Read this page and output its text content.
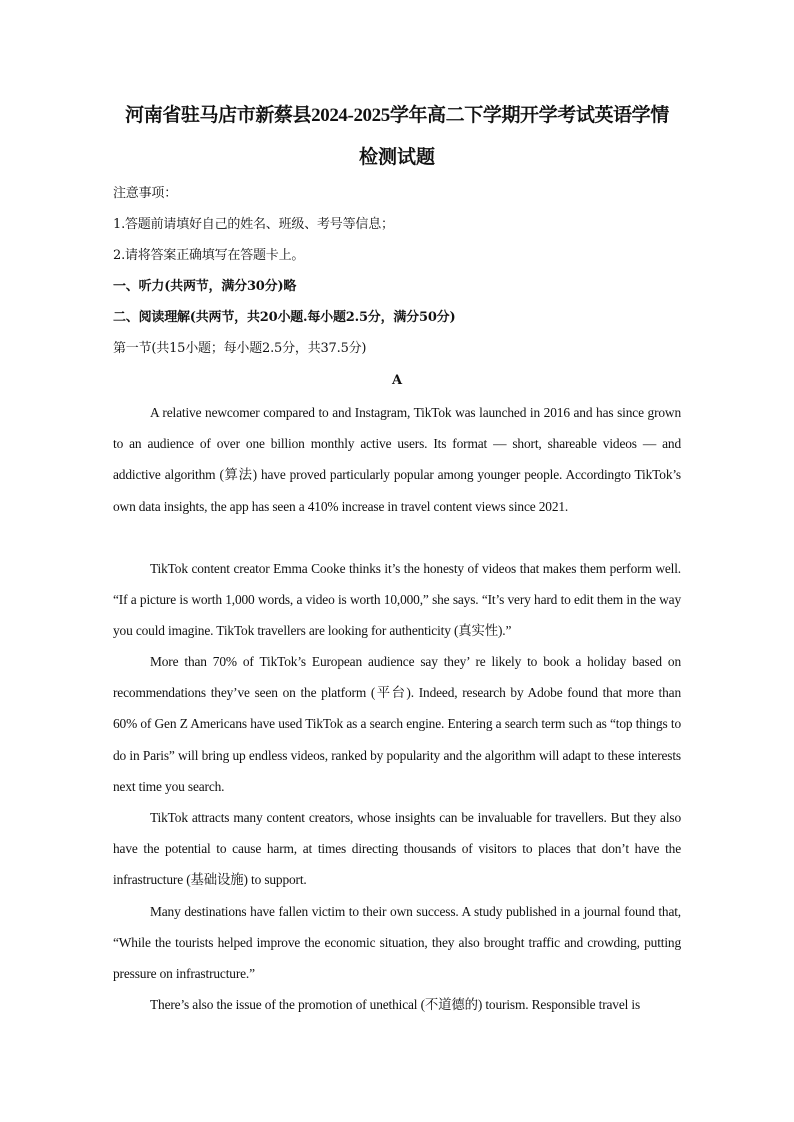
河南省驻马店市新蔡县2024-2025学年高二下学期开学考试英语学情
检测试题
注意事项：
1.答题前请填好自己的姓名、班级、考号等信息；
2.请将答案正确填写在答题卡上。
一、听力(共两节，满分30分)略
二、阅读理解(共两节，共20小题.每小题2.5分，满分50分)
第一节(共15小题；每小题2.5分，共37.5分)
A

A relative newcomer compared to and Instagram, TikTok was launched in 2016 and has since grown to an audience of over one billion monthly active users. Its format — short, shareable videos — and addictive algorithm (算法) have proved particularly popular among younger people. Accordingto TikTok’s own data insights, the app has seen a 410% increase in travel content views since 2021.

TikTok content creator Emma Cooke thinks it’s the honesty of videos that makes them perform well. “If a picture is worth 1,000 words, a video is worth 10,000,” she says. “It’s very hard to edit them in the way you could imagine. TikTok travellers are looking for authenticity (真实性).”

More than 70% of TikTok’s European audience say they’ re likely to book a holiday based on recommendations they’ve seen on the platform (平台). Indeed, research by Adobe found that more than 60% of Gen Z Americans have used TikTok as a search engine. Entering a search term such as “top things to do in Paris” will bring up endless videos, ranked by popularity and the algorithm will adapt to these interests next time you search.

TikTok attracts many content creators, whose insights can be invaluable for travellers. But they also have the potential to cause harm, at times directing thousands of visitors to places that don’t have the infrastructure (基础设施) to support.

Many destinations have fallen victim to their own success. A study published in a journal found that, “While the tourists helped improve the economic situation, they also brought traffic and crowding, putting pressure on infrastructure.”

There’s also the issue of the promotion of unethical (不道德的) tourism. Responsible travel is
